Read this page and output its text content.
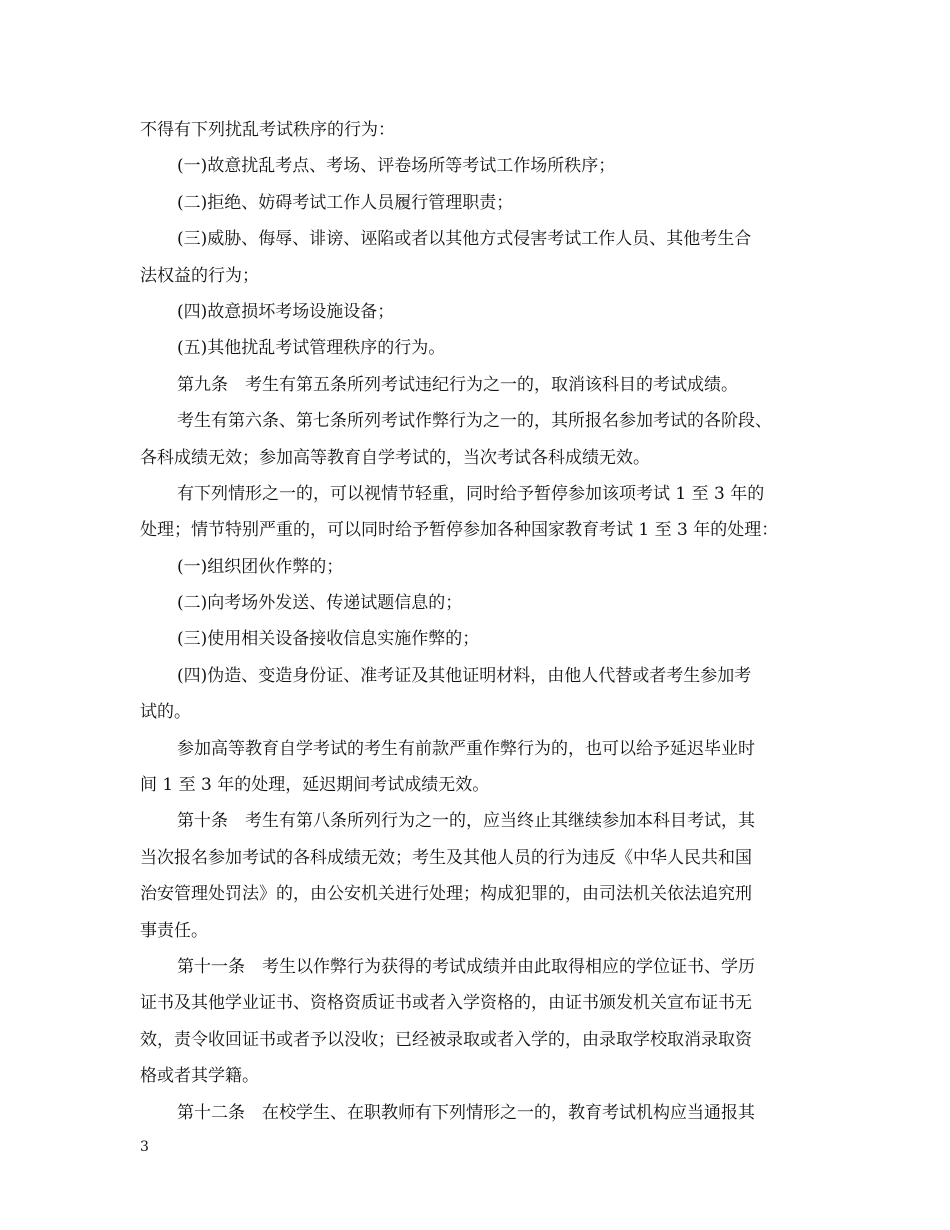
不得有下列扰乱考试秩序的行为：
(一)故意扰乱考点、考场、评卷场所等考试工作场所秩序；
(二)拒绝、妨碍考试工作人员履行管理职责；
(三)威胁、侮辱、诽谤、诬陷或者以其他方式侵害考试工作人员、其他考生合
法权益的行为；
(四)故意损坏考场设施设备；
(五)其他扰乱考试管理秩序的行为。
第九条　考生有第五条所列考试违纪行为之一的，取消该科目的考试成绩。
考生有第六条、第七条所列考试作弊行为之一的，其所报名参加考试的各阶段、
各科成绩无效；参加高等教育自学考试的，当次考试各科成绩无效。
有下列情形之一的，可以视情节轻重，同时给予暂停参加该项考试 1 至 3 年的
处理；情节特别严重的，可以同时给予暂停参加各种国家教育考试 1 至 3 年的处理：
(一)组织团伙作弊的；
(二)向考场外发送、传递试题信息的；
(三)使用相关设备接收信息实施作弊的；
(四)伪造、变造身份证、准考证及其他证明材料，由他人代替或者考生参加考
试的。
参加高等教育自学考试的考生有前款严重作弊行为的，也可以给予延迟毕业时
间 1 至 3 年的处理，延迟期间考试成绩无效。
第十条　考生有第八条所列行为之一的，应当终止其继续参加本科目考试，其
当次报名参加考试的各科成绩无效；考生及其他人员的行为违反《中华人民共和国
治安管理处罚法》的，由公安机关进行处理；构成犯罪的，由司法机关依法追究刑
事责任。
第十一条　考生以作弊行为获得的考试成绩并由此取得相应的学位证书、学历
证书及其他学业证书、资格资质证书或者入学资格的，由证书颁发机关宣布证书无
效，责令收回证书或者予以没收；已经被录取或者入学的，由录取学校取消录取资
格或者其学籍。
第十二条　在校学生、在职教师有下列情形之一的，教育考试机构应当通报其
3
